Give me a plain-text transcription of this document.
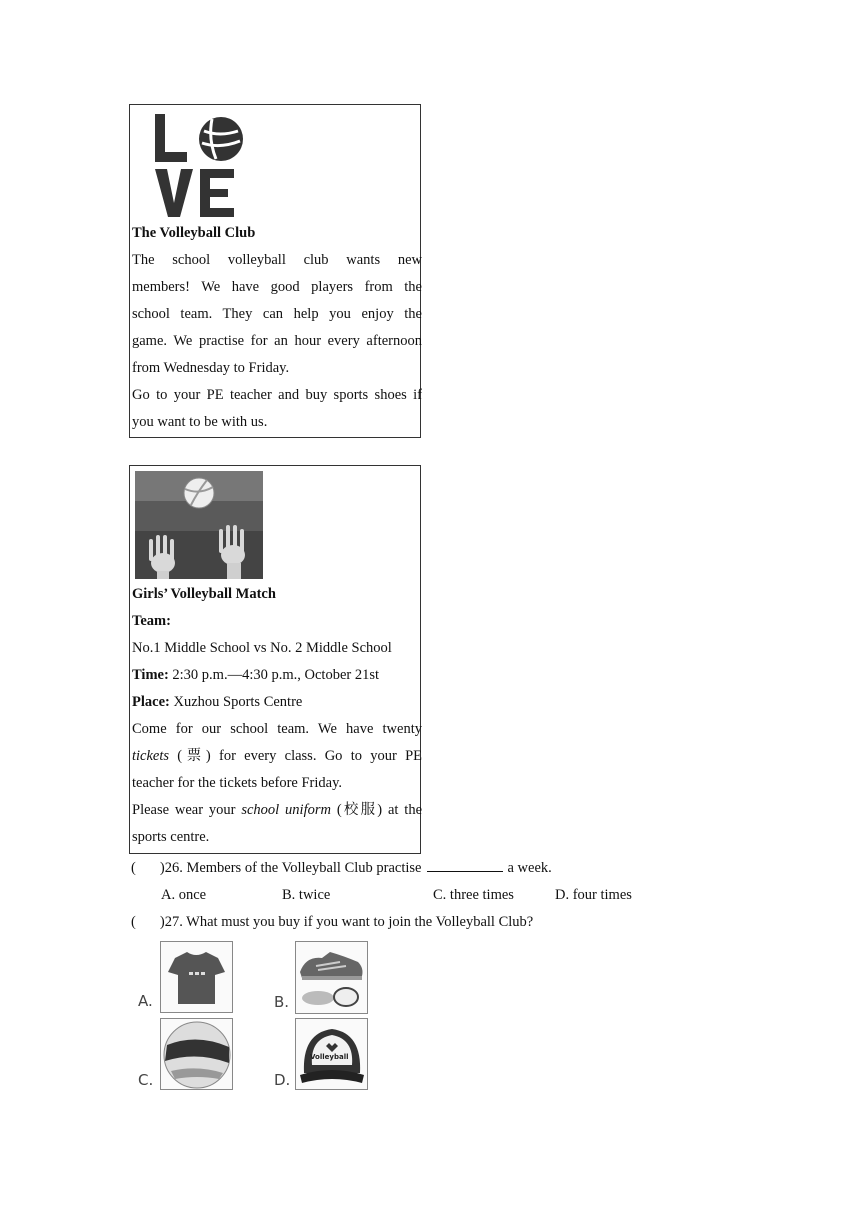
The Volleyball Club
The school volleyball club wants new
members! We have good players from the
school team. They can help you enjoy the
game. We practise for an hour every afternoon
from Wednesday to Friday.
Go to your PE teacher and buy sports shoes if
you want to be with us.
Girls’ Volleyball Match
Team:
No.1 Middle School vs No. 2 Middle School
Time: 2:30 p.m.—4:30 p.m., October 21st
Place: Xuzhou Sports Centre
Come for our school team. We have twenty
tickets (票) for every class. Go to your PE
teacher for the tickets before Friday.
Please wear your school uniform (校服) at the
sports centre.
( )26. Members of the Volleyball Club practise	a week.
A. once	B. twice	C. three times	D. four times
( )27. What must you buy if you want to join the Volleyball Club?
A.	B.
C.	D.
Volleyball
